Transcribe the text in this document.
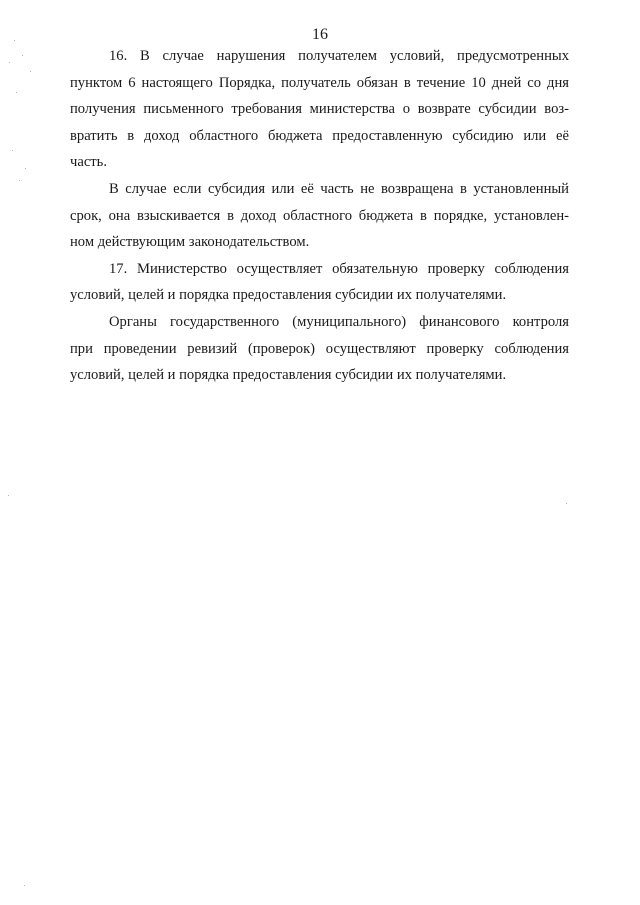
16
16. В случае нарушения получателем условий, предусмотренных
пунктом 6 настоящего Порядка, получатель обязан в течение 10 дней со дня
получения письменного требования министерства о возврате субсидии воз-
вратить в доход областного бюджета предоставленную субсидию или её
часть.
В случае если субсидия или её часть не возвращена в установленный
срок, она взыскивается в доход областного бюджета в порядке, установлен-
ном действующим законодательством.
17. Министерство осуществляет обязательную проверку соблюдения
условий, целей и порядка предоставления субсидии их получателями.
Органы государственного (муниципального) финансового контроля
при проведении ревизий (проверок) осуществляют проверку соблюдения
условий, целей и порядка предоставления субсидии их получателями.
